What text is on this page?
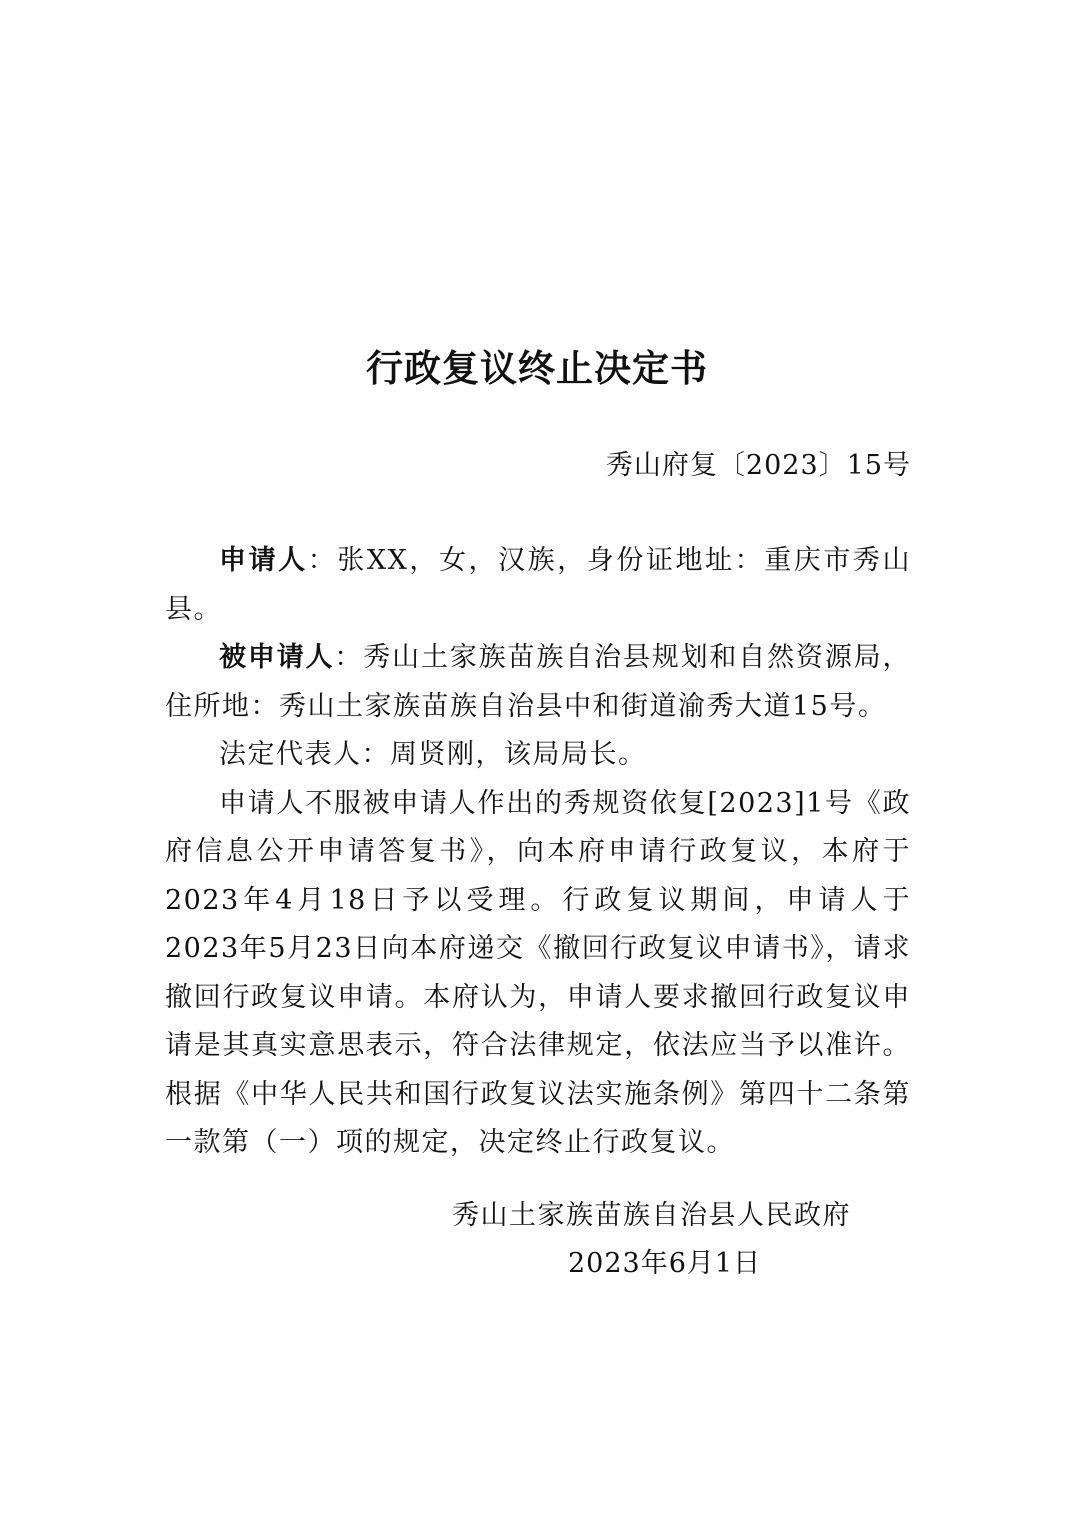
行政复议终止决定书
秀山府复〔2023〕15号

申请人：张XX，女，汉族，身份证地址：重庆市秀山县。

被申请人：秀山土家族苗族自治县规划和自然资源局，住所地：秀山土家族苗族自治县中和街道渝秀大道15号。

法定代表人：周贤刚，该局局长。

申请人不服被申请人作出的秀规资依复[2023]1号《政府信息公开申请答复书》，向本府申请行政复议，本府于2023年4月18日予以受理。行政复议期间，申请人于2023年5月23日向本府递交《撤回行政复议申请书》，请求撤回行政复议申请。本府认为，申请人要求撤回行政复议申请是其真实意思表示，符合法律规定，依法应当予以准许。根据《中华人民共和国行政复议法实施条例》第四十二条第一款第（一）项的规定，决定终止行政复议。

秀山土家族苗族自治县人民政府
2023年6月1日
